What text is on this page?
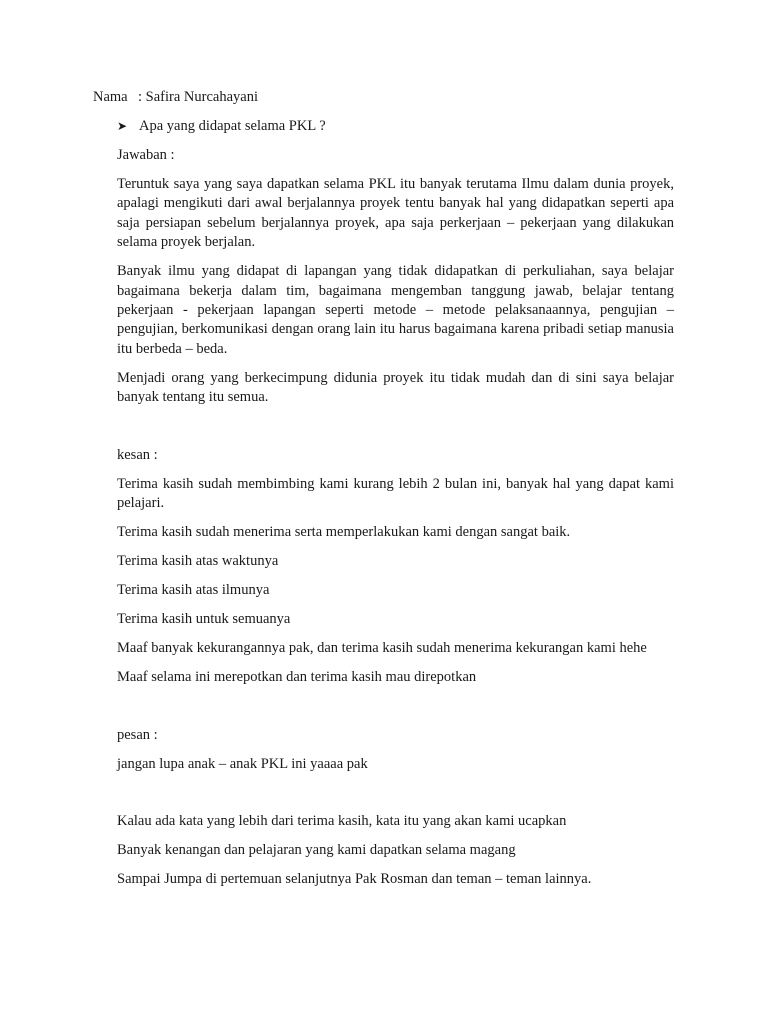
Nama : Safira Nurcahayani
➤ Apa yang didapat selama PKL ?

Jawaban :

Teruntuk saya yang saya dapatkan selama PKL itu banyak terutama Ilmu dalam dunia proyek, apalagi mengikuti dari awal berjalannya proyek tentu banyak hal yang didapatkan seperti apa saja persiapan sebelum berjalannya proyek, apa saja perkerjaan – pekerjaan yang dilakukan selama proyek berjalan.

Banyak ilmu yang didapat di lapangan yang tidak didapatkan di perkuliahan, saya belajar bagaimana bekerja dalam tim, bagaimana mengemban tanggung jawab, belajar tentang pekerjaan - pekerjaan lapangan seperti metode – metode pelaksanaannya, pengujian – pengujian, berkomunikasi dengan orang lain itu harus bagaimana karena pribadi setiap manusia itu berbeda – beda.

Menjadi orang yang berkecimpung didunia proyek itu tidak mudah dan di sini saya belajar banyak tentang itu semua.

kesan :

Terima kasih sudah membimbing kami kurang lebih 2 bulan ini, banyak hal yang dapat kami pelajari.

Terima kasih sudah menerima serta memperlakukan kami dengan sangat baik.

Terima kasih atas waktunya

Terima kasih atas ilmunya

Terima kasih untuk semuanya

Maaf banyak kekurangannya pak, dan terima kasih sudah menerima kekurangan kami hehe

Maaf selama ini merepotkan dan terima kasih mau direpotkan

pesan :

jangan lupa anak – anak PKL ini yaaaa pak

Kalau ada kata yang lebih dari terima kasih, kata itu yang akan kami ucapkan

Banyak kenangan dan pelajaran yang kami dapatkan selama magang

Sampai Jumpa di pertemuan selanjutnya Pak Rosman dan teman – teman lainnya.
